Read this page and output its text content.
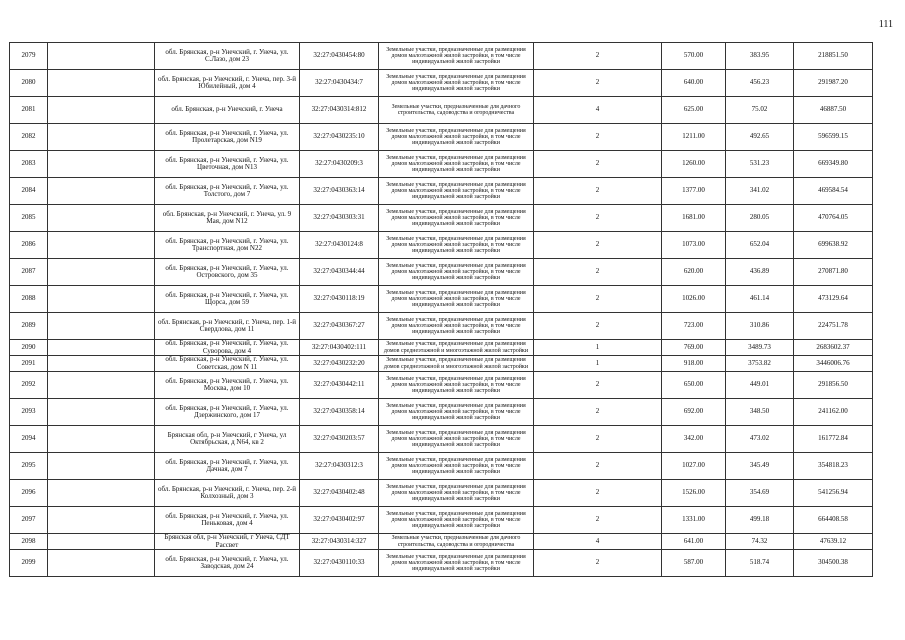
111
2079		обл. Брянская, р-н Унечский, г. Унеча, ул. С.Лазо, дом 23	32:27:0430454:80	Земельные участки, предназначенные для размещения домов малоэтажной жилой застройки, в том числе индивидуальной жилой застройки	2	570.00	383.95	218851.50
2080		обл. Брянская, р-н Унечский, г. Унеча, пер. 3-й Юбилейный, дом 4	32:27:0430434:7	Земельные участки, предназначенные для размещения домов малоэтажной жилой застройки, в том числе индивидуальной жилой застройки	2	640.00	456.23	291987.20
2081		обл. Брянская, р-н Унечский, г. Унеча	32:27:0430314:812	Земельные участки, предназначенные для дачного строительства, садоводства и огородничества	4	625.00	75.02	46887.50
2082		обл. Брянская, р-н Унечский, г. Унеча, ул. Пролетарская, дом N19	32:27:0430235:10	Земельные участки, предназначенные для размещения домов малоэтажной жилой застройки, в том числе индивидуальной жилой застройки	2	1211.00	492.65	596599.15
2083		обл. Брянская, р-н Унечский, г. Унеча, ул. Цветочная, дом N13	32:27:0430209:3	Земельные участки, предназначенные для размещения домов малоэтажной жилой застройки, в том числе индивидуальной жилой застройки	2	1260.00	531.23	669349.80
2084		обл. Брянская, р-н Унечский, г. Унеча, ул. Толстого, дом 7	32:27:0430363:14	Земельные участки, предназначенные для размещения домов малоэтажной жилой застройки, в том числе индивидуальной жилой застройки	2	1377.00	341.02	469584.54
2085		обл. Брянская, р-н Унечский, г. Унеча, ул. 9 Мая, дом N12	32:27:0430303:31	Земельные участки, предназначенные для размещения домов малоэтажной жилой застройки, в том числе индивидуальной жилой застройки	2	1681.00	280.05	470764.05
2086		обл. Брянская, р-н Унечский, г. Унеча, ул. Транспортная, дом N22	32:27:0430124:8	Земельные участки, предназначенные для размещения домов малоэтажной жилой застройки, в том числе индивидуальной жилой застройки	2	1073.00	652.04	699638.92
2087		обл. Брянская, р-н Унечский, г. Унеча, ул. Островского, дом 35	32:27:0430344:44	Земельные участки, предназначенные для размещения домов малоэтажной жилой застройки, в том числе индивидуальной жилой застройки	2	620.00	436.89	270871.80
2088		обл. Брянская, р-н Унечский, г. Унеча, ул. Щорса, дом 59	32:27:0430118:19	Земельные участки, предназначенные для размещения домов малоэтажной жилой застройки, в том числе индивидуальной жилой застройки	2	1026.00	461.14	473129.64
2089		обл. Брянская, р-н Унечский, г. Унеча, пер. 1-й Свердлова, дом 11	32:27:0430367:27	Земельные участки, предназначенные для размещения домов малоэтажной жилой застройки, в том числе индивидуальной жилой застройки	2	723.00	310.86	224751.78
2090		обл. Брянская, р-н Унечский, г. Унеча, ул. Суворова, дом 4	32:27:0430402:111	Земельные участки, предназначенные для размещения домов среднеэтажной и многоэтажной жилой застройки	1	769.00	3489.73	2683602.37
2091		обл. Брянская, р-н Унечский, г. Унеча, ул. Советская, дом N 11	32:27:0430232:20	Земельные участки, предназначенные для размещения домов среднеэтажной и многоэтажной жилой застройки	1	918.00	3753.82	3446006.76
2092		обл. Брянская, р-н Унечский, г. Унеча, ул. Москва, дом 10	32:27:0430442:11	Земельные участки, предназначенные для размещения домов малоэтажной жилой застройки, в том числе индивидуальной жилой застройки	2	650.00	449.01	291856.50
2093		обл. Брянская, р-н Унечский, г. Унеча, ул. Дзержинского, дом 17	32:27:0430358:14	Земельные участки, предназначенные для размещения домов малоэтажной жилой застройки, в том числе индивидуальной жилой застройки	2	692.00	348.50	241162.00
2094		Брянская обл, р-н Унечский, г Унеча, ул Октябрьская, д N64, кв 2	32:27:0430203:57	Земельные участки, предназначенные для размещения домов малоэтажной жилой застройки, в том числе индивидуальной жилой застройки	2	342.00	473.02	161772.84
2095		обл. Брянская, р-н Унечский, г. Унеча, ул. Дачная, дом 7	32:27:0430312:3	Земельные участки, предназначенные для размещения домов малоэтажной жилой застройки, в том числе индивидуальной жилой застройки	2	1027.00	345.49	354818.23
2096		обл. Брянская, р-н Унечский, г. Унеча, пер. 2-й Колхозный, дом 3	32:27:0430402:48	Земельные участки, предназначенные для размещения домов малоэтажной жилой застройки, в том числе индивидуальной жилой застройки	2	1526.00	354.69	541256.94
2097		обл. Брянская, р-н Унечский, г. Унеча, ул. Пеньковая, дом 4	32:27:0430402:97	Земельные участки, предназначенные для размещения домов малоэтажной жилой застройки, в том числе индивидуальной жилой застройки	2	1331.00	499.18	664408.58
2098		Брянская обл, р-н Унечский, г Унеча, СДТ Рассвет	32:27:0430314:327	Земельные участки, предназначенные для дачного строительства, садоводства и огородничества	4	641.00	74.32	47639.12
2099		обл. Брянская, р-н Унечский, г. Унеча, ул. Заводская, дом 24	32:27:0430110:33	Земельные участки, предназначенные для размещения домов малоэтажной жилой застройки, в том числе индивидуальной жилой застройки	2	587.00	518.74	304500.38
